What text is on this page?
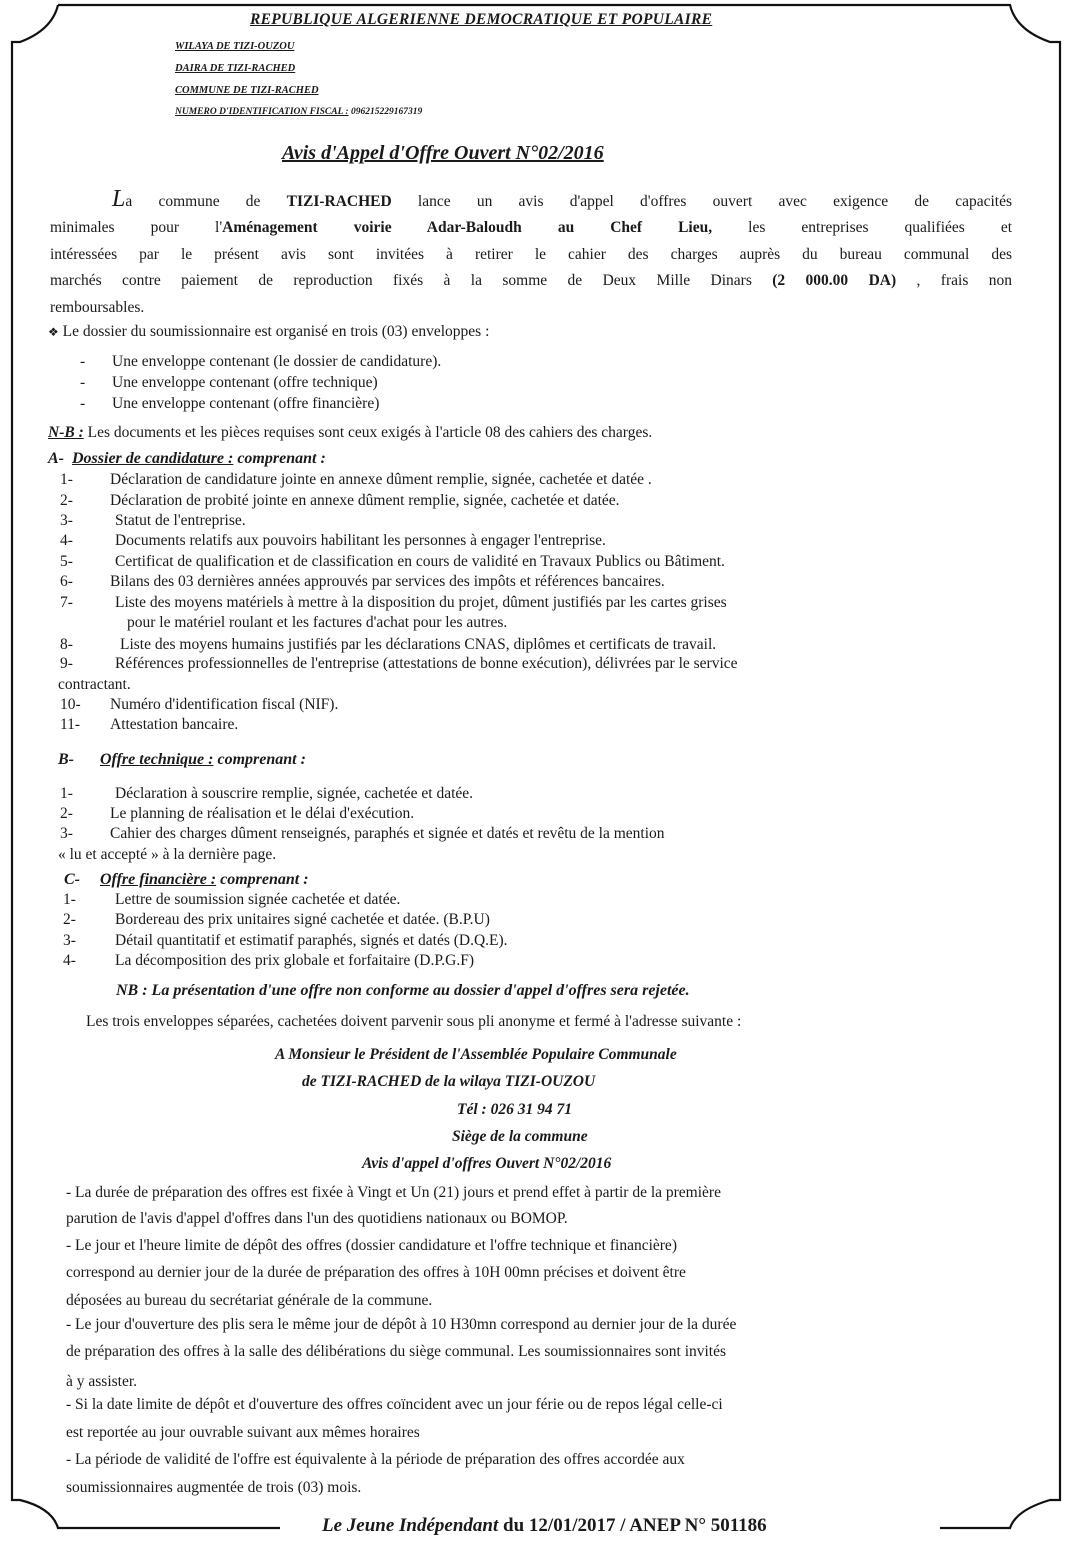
REPUBLIQUE ALGERIENNE DEMOCRATIQUE ET POPULAIRE
WILAYA DE TIZI-OUZOU
DAIRA DE TIZI-RACHED
COMMUNE DE TIZI-RACHED
NUMERO D'IDENTIFICATION FISCAL : 096215229167319
Avis d'Appel d'Offre Ouvert N°02/2016
La commune de TIZI-RACHED lance un avis d'appel d'offres ouvert avec exigence de capacités
minimales pour l'Aménagement voirie Adar-Baloudh au Chef Lieu, les entreprises qualifiées et
intéressées par le présent avis sont invitées à retirer le cahier des charges auprès du bureau communal des
marchés contre paiement de reproduction fixés à la somme de Deux Mille Dinars (2 000.00 DA) , frais non
remboursables.
❖ Le dossier du soumissionnaire est organisé en trois (03) enveloppes :
- Une enveloppe contenant (le dossier de candidature).
- Une enveloppe contenant (offre technique)
- Une enveloppe contenant (offre financière)
N-B : Les documents et les pièces requises sont ceux exigés à l'article 08 des cahiers des charges.
A- Dossier de candidature : comprenant :
1- Déclaration de candidature jointe en annexe dûment remplie, signée, cachetée et datée .
2- Déclaration de probité jointe en annexe dûment remplie, signée, cachetée et datée.
3-	Statut de l'entreprise.
4-	Documents relatifs aux pouvoirs habilitant les personnes à engager l'entreprise.
5-	Certificat de qualification et de classification en cours de validité en Travaux Publics ou Bâtiment.
6- Bilans des 03 dernières années approuvés par services des impôts et références bancaires.
7-	Liste des moyens matériels à mettre à la disposition du projet, dûment justifiés par les cartes grises
pour le matériel roulant et les factures d'achat pour les autres.
8-	Liste des moyens humains justifiés par les déclarations CNAS, diplômes et certificats de travail.
9-	Références professionnelles de l'entreprise (attestations de bonne exécution), délivrées par le service
contractant.
10- Numéro d'identification fiscal (NIF).
11- Attestation bancaire.
B- Offre technique : comprenant :
1-	Déclaration à souscrire remplie, signée, cachetée et datée.
2- Le planning de réalisation et le délai d'exécution.
3- Cahier des charges dûment renseignés, paraphés et signée et datés et revêtu de la mention
« lu et accepté » à la dernière page.
C- Offre financière : comprenant :
1-	Lettre de soumission signée cachetée et datée.
2-	Bordereau des prix unitaires signé cachetée et datée. (B.P.U)
3-	Détail quantitatif et estimatif paraphés, signés et datés (D.Q.E).
4-	La décomposition des prix globale et forfaitaire (D.P.G.F)
NB : La présentation d'une offre non conforme au dossier d'appel d'offres sera rejetée.
Les trois enveloppes séparées, cachetées doivent parvenir sous pli anonyme et fermé à l'adresse suivante :
A Monsieur le Président de l'Assemblée Populaire Communale
de TIZI-RACHED de la wilaya TIZI-OUZOU
Tél : 026 31 94 71
Siège de la commune
Avis d'appel d'offres Ouvert N°02/2016
- La durée de préparation des offres est fixée à Vingt et Un (21) jours et prend effet à partir de la première
parution de l'avis d'appel d'offres dans l'un des quotidiens nationaux ou BOMOP.
- Le jour et l'heure limite de dépôt des offres (dossier candidature et l'offre technique et financière)
correspond au dernier jour de la durée de préparation des offres à 10H 00mn précises et doivent être
déposées au bureau du secrétariat générale de la commune.
- Le jour d'ouverture des plis sera le même jour de dépôt à 10 H30mn correspond au dernier jour de la durée
de préparation des offres à la salle des délibérations du siège communal. Les soumissionnaires sont invités
à y assister.
- Si la date limite de dépôt et d'ouverture des offres coïncident avec un jour férie ou de repos légal celle-ci
est reportée au jour ouvrable suivant aux mêmes horaires
- La période de validité de l'offre est équivalente à la période de préparation des offres accordée aux
soumissionnaires augmentée de trois (03) mois.
Le Jeune Indépendant du 12/01/2017 / ANEP N° 501186
